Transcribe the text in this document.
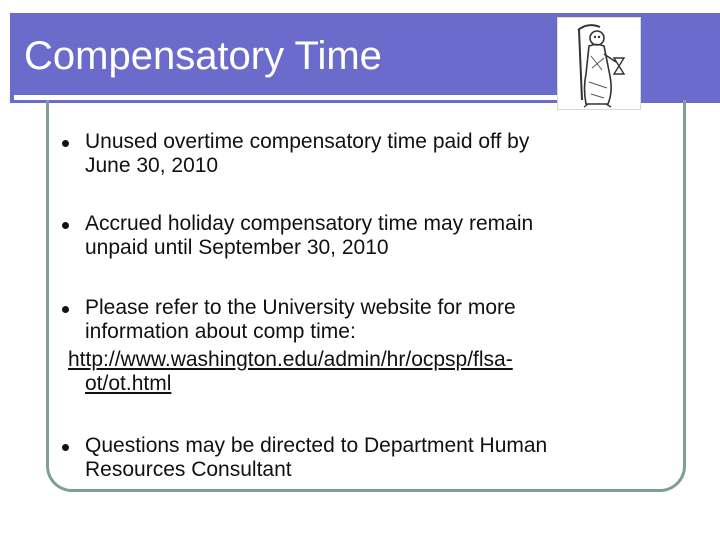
Compensatory Time
Unused overtime compensatory time paid off by
June 30, 2010
Accrued holiday compensatory time may remain
unpaid until September 30, 2010
Please refer to the University website for more
information about comp time:
http://www.washington.edu/admin/hr/ocpsp/flsa-
ot/ot.html
Questions may be directed to Department Human
Resources Consultant
